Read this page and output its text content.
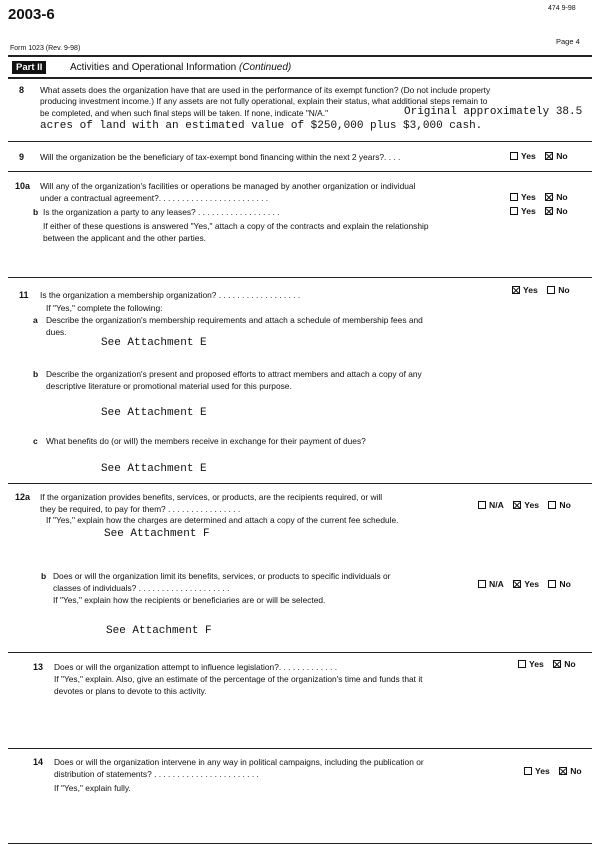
2003-6	474 9-98
Form 1023 (Rev. 9-98)
Page 4
Part II	Activities and Operational Information (Continued)
8 What assets does the organization have that are used in the performance of its exempt function? (Do not include property
producing investment income.) If any assets are not fully operational, explain their status, what additional steps remain to
be completed, and when such final steps will be taken. If none, indicate "N/A."	Original approximately 38.5
acres of land with an estimated value of $250,000 plus $3,000 cash.
9 Will the organization be the beneficiary of tax-exempt bond financing within the next 2 years?. . . .	Yes No
10a Will any of the organization's facilities or operations be managed by another organization or individual
under a contractual agreement?. . . . . . . . . . . . . . . . . . . . . . . .	Yes No
b Is the organization a party to any leases? . . . . . . . . . . . . . . . . . .	Yes No
If either of these questions is answered "Yes," attach a copy of the contracts and explain the relationship
between the applicant and the other parties.
11 Is the organization a membership organization? . . . . . . . . . . . . . . . . . .	Yes No
If "Yes," complete the following:
a Describe the organization's membership requirements and attach a schedule of membership fees and
dues.
See Attachment E
b Describe the organization's present and proposed efforts to attract members and attach a copy of any
descriptive literature or promotional material used for this purpose.
See Attachment E
c What benefits do (or will) the members receive in exchange for their payment of dues?
See Attachment E
12a If the organization provides benefits, services, or products, are the recipients required, or will
they be required, to pay for them? . . . . . . . . . . . . . . . .	N/A Yes No
If "Yes," explain how the charges are determined and attach a copy of the current fee schedule.
See Attachment F
b Does or will the organization limit its benefits, services, or products to specific individuals or
classes of individuals? . . . . . . . . . . . . . . . . . . . .	N/A Yes No
If "Yes," explain how the recipients or beneficiaries are or will be selected.
See Attachment F
13 Does or will the organization attempt to influence legislation?. . . . . . . . . . . . .	Yes No
If "Yes," explain. Also, give an estimate of the percentage of the organization's time and funds that it
devotes or plans to devote to this activity.
14 Does or will the organization intervene in any way in political campaigns, including the publication or
distribution of statements? . . . . . . . . . . . . . . . . . . . . . . .	Yes No
If "Yes," explain fully.
